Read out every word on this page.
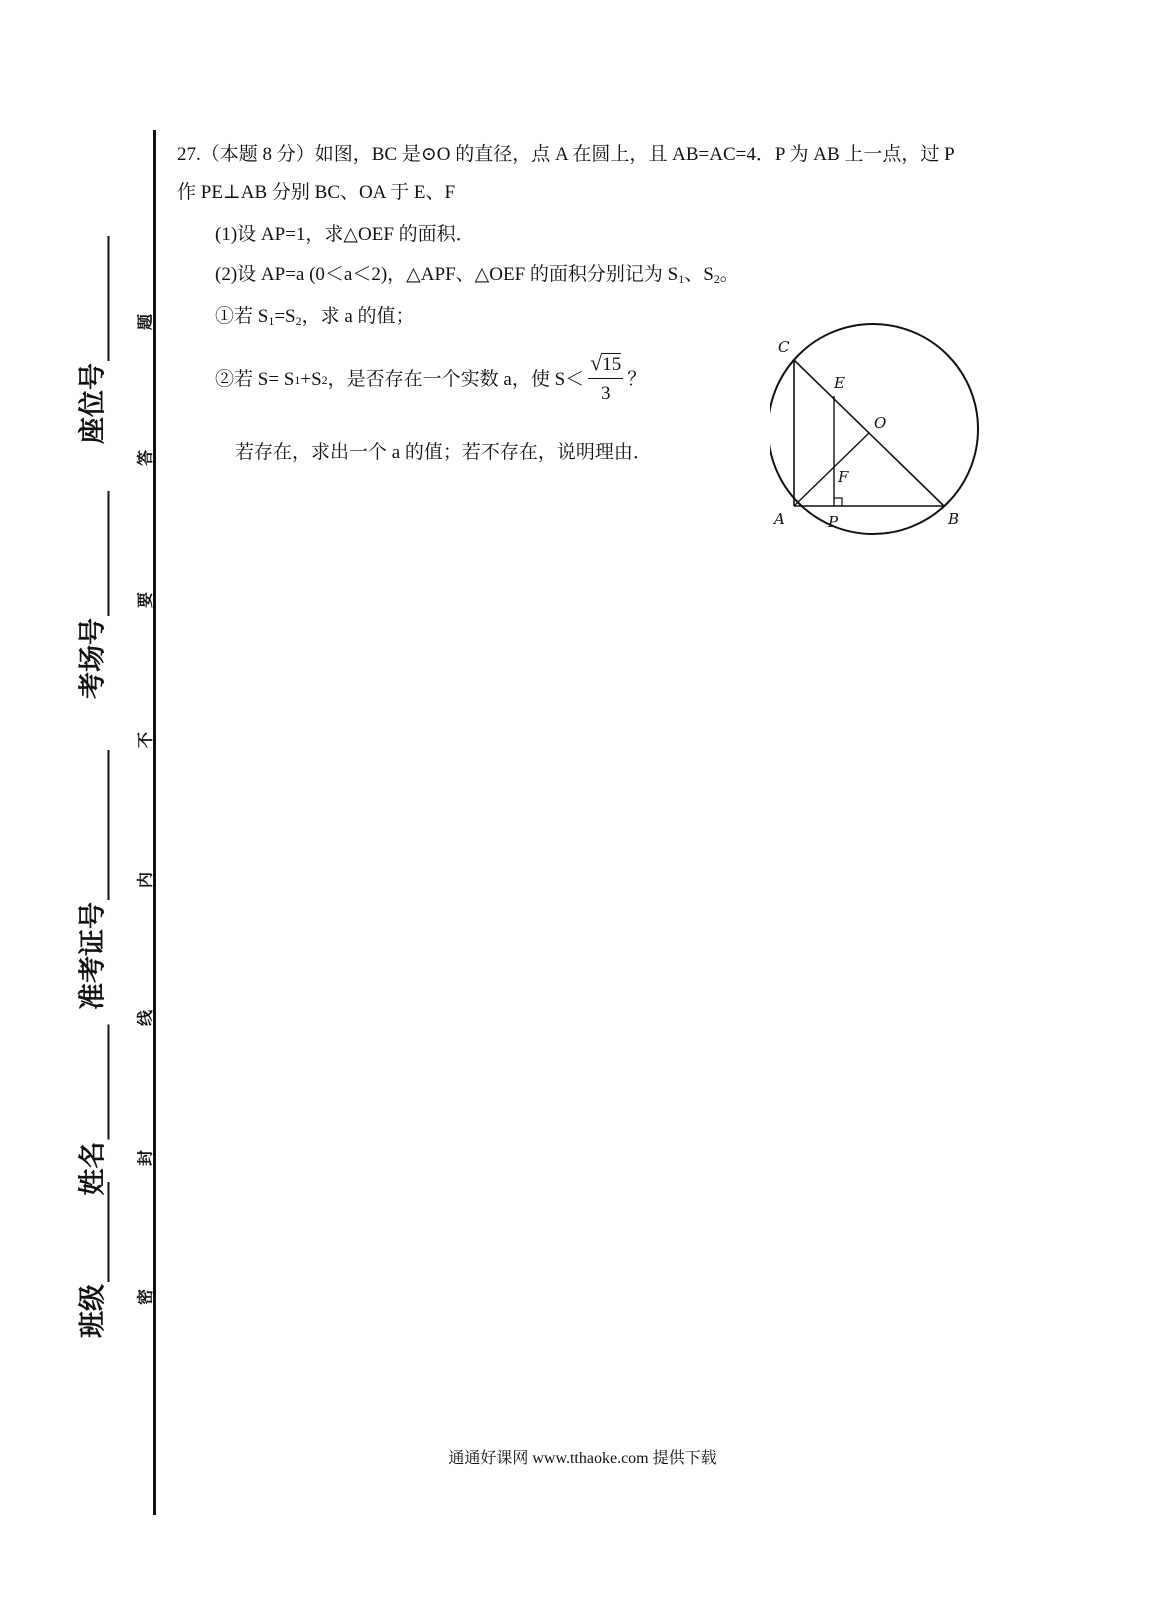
座位号
考场号
准考证号
姓名
班级
题
答
要
不
内
线
封
密
27.（本题 8 分）如图，BC 是⊙O 的直径，点 A 在圆上，且 AB=AC=4．P 为 AB 上一点，过 P
作 PE⊥AB 分别 BC、OA 于 E、F
(1)设 AP=1，求△OEF 的面积．
(2)设 AP=a (0＜a＜2)，△APF、△OEF 的面积分别记为 $S_1$、$S_2$。
①若 $S_1=S_2$，求 a 的值；
②若 S= S 1 +S 2 ，是否存在一个实数 a，使 $S< \frac{√15}{3}$ ？
若存在，求出一个 a 的值；若不存在，说明理由．
C
E
O
F
A	P	B
通通好课网 www.tthaoke.com 提供下载
